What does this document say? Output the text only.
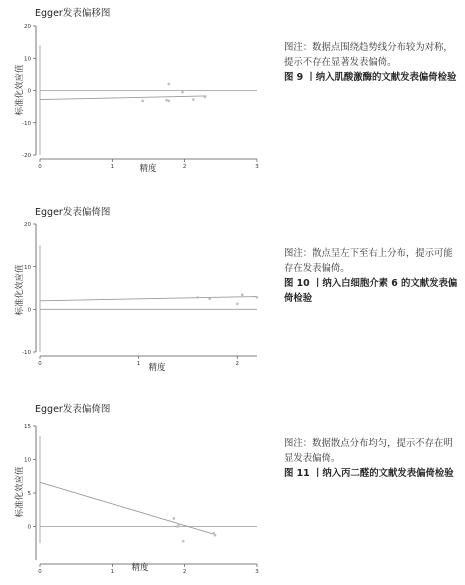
Egger发表偏移图
-20
-10
0
10
20
0	1	2	3
精度
标准化效应值
图注：数据点围绕趋势线分布较为对称，提示不存在显著发表偏倚。
图 9 丨纳入肌酸激酶的文献发表偏倚检验
Egger发表偏倚图
-10
0
10
20
0	1	2
精度
标准化效应值
图注：散点呈左下至右上分布，提示可能存在发表偏倚。
图 10 丨纳入白细胞介素 6 的文献发表偏倚检验
Egger发表偏倚图
0
5
10
15
0	1	2	3
精度
标准化效应值
图注：数据散点分布均匀，提示不存在明显发表偏倚。
图 11 丨纳入丙二醛的文献发表偏倚检验
